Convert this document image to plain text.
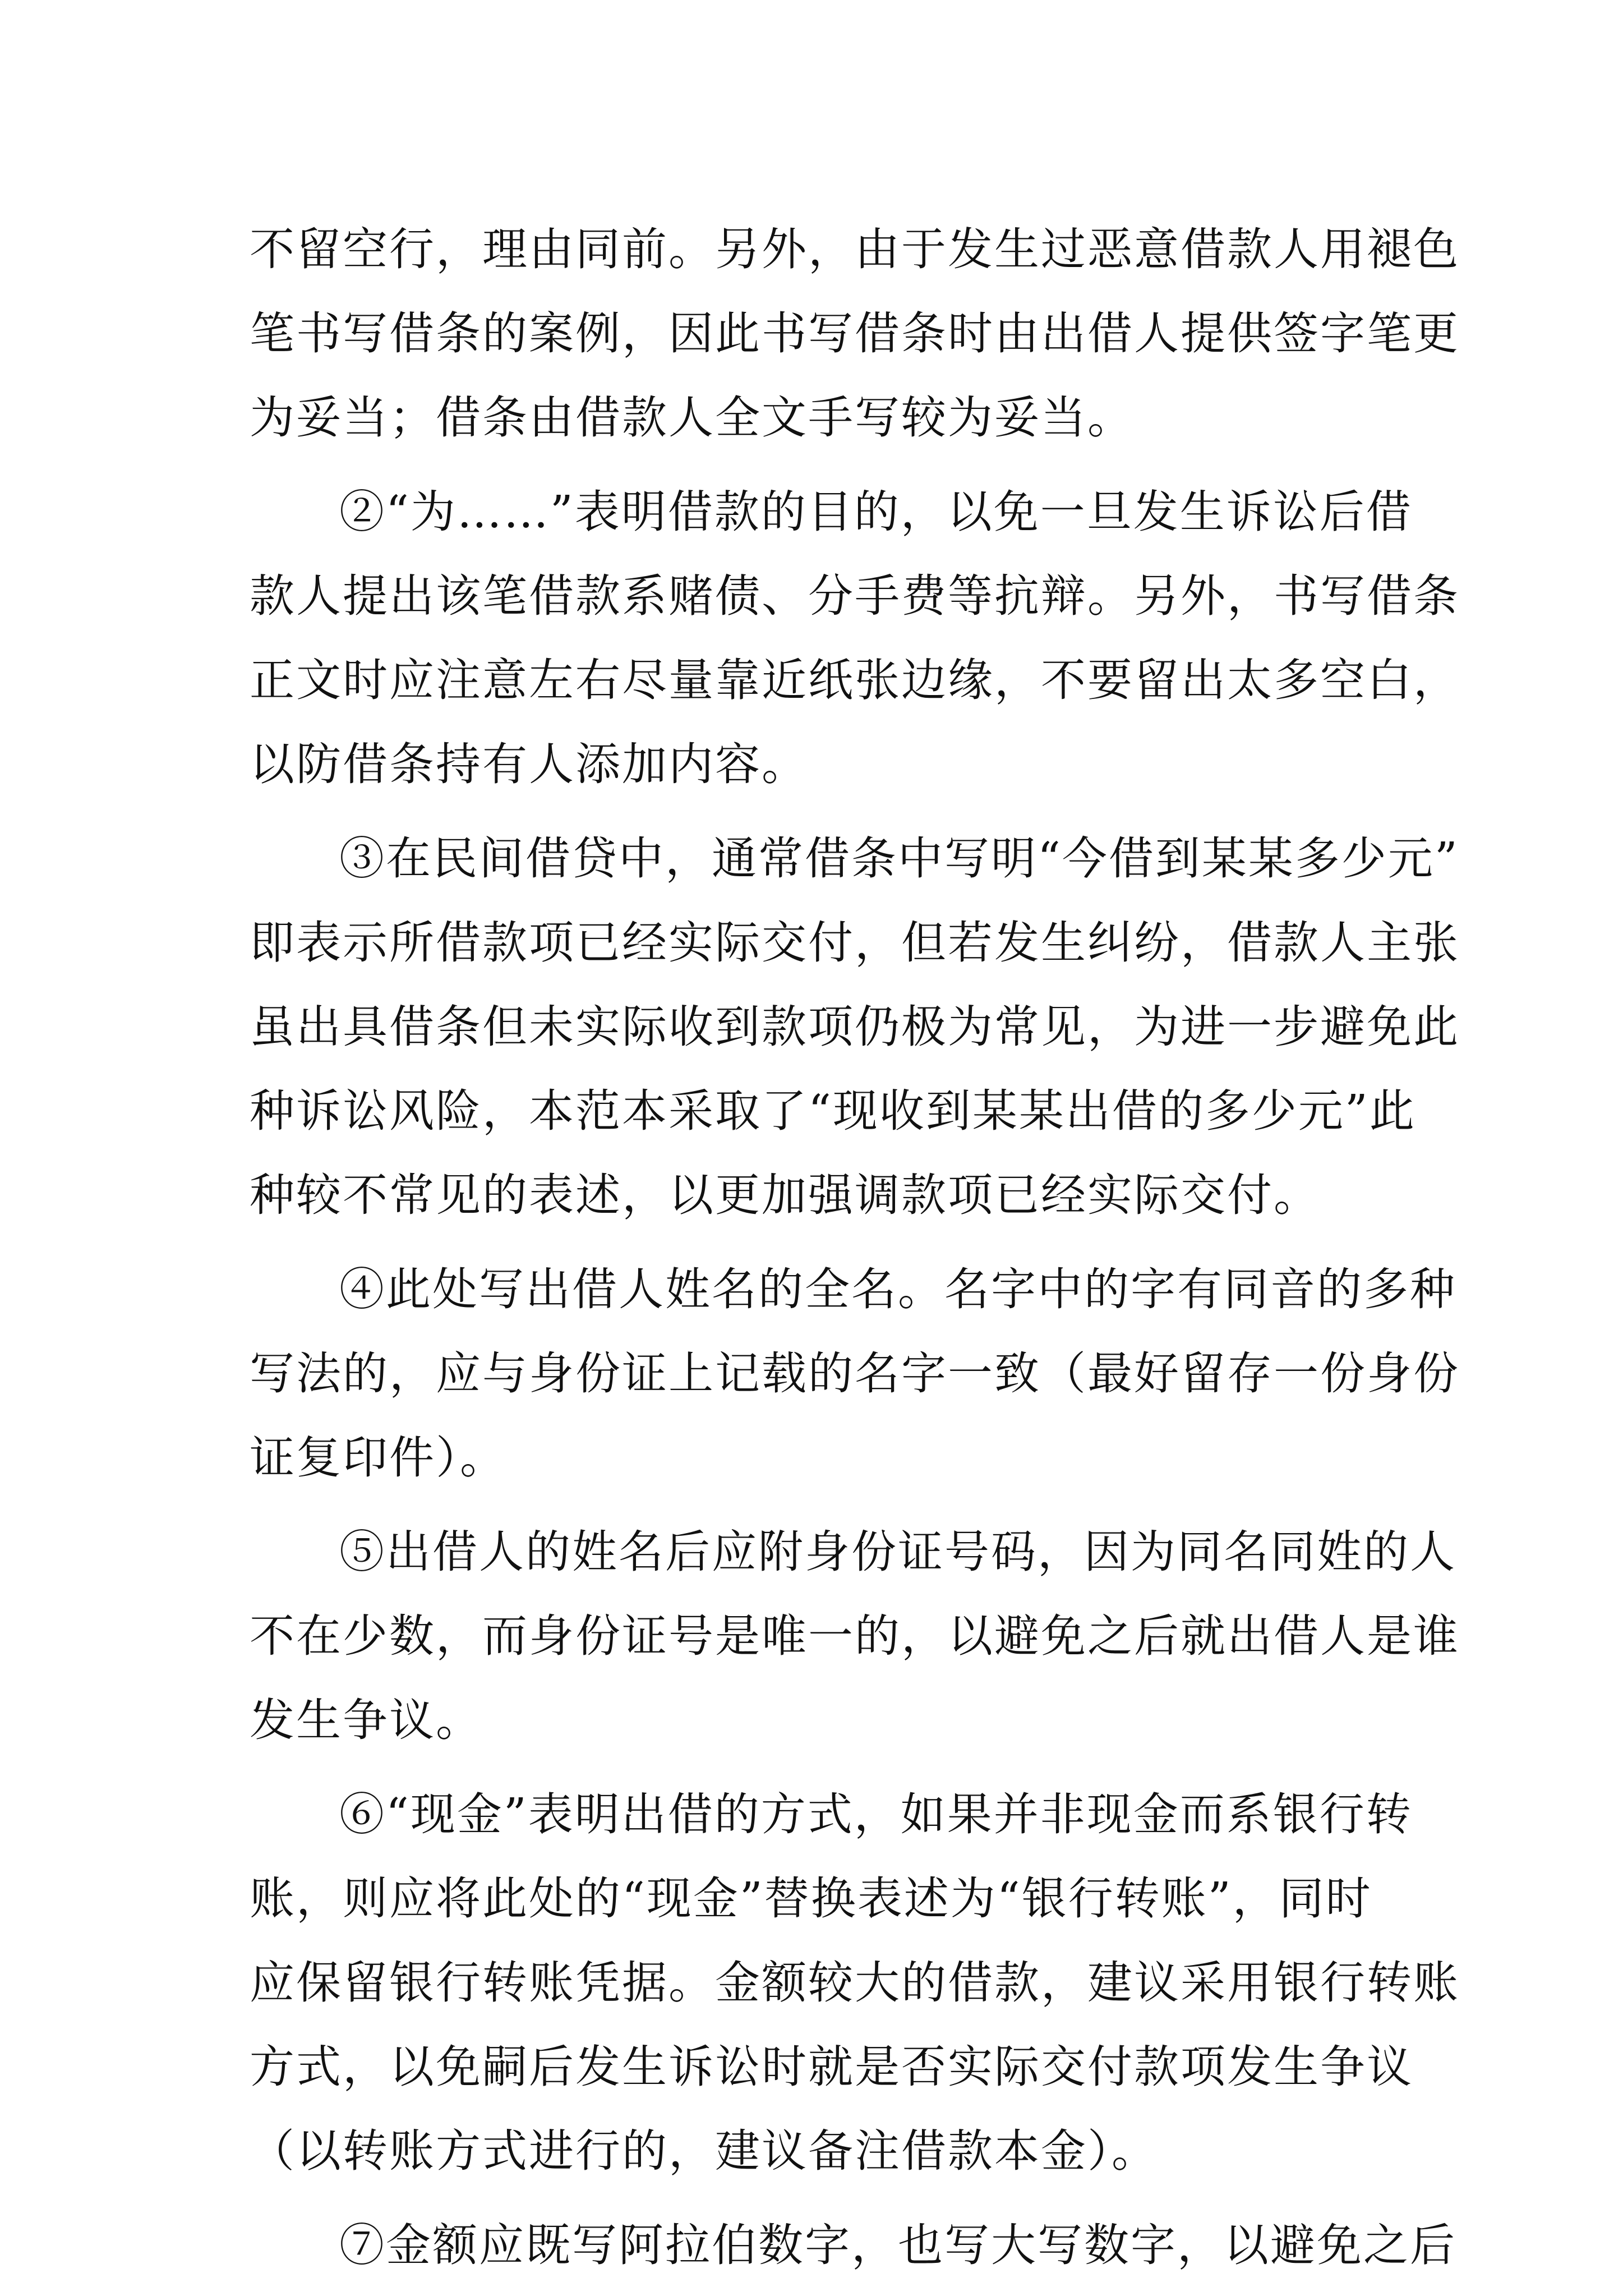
不留空行，理由同前。另外，由于发生过恶意借款人用褪色
笔书写借条的案例，因此书写借条时由出借人提供签字笔更
为妥当；借条由借款人全文手写较为妥当。
②“为……”表明借款的目的，以免一旦发生诉讼后借
款人提出该笔借款系赌债、分手费等抗辩。另外，书写借条
正文时应注意左右尽量靠近纸张边缘，不要留出太多空白，
以防借条持有人添加内容。
③在民间借贷中，通常借条中写明“今借到某某多少元”
即表示所借款项已经实际交付，但若发生纠纷，借款人主张
虽出具借条但未实际收到款项仍极为常见，为进一步避免此
种诉讼风险，本范本采取了“现收到某某出借的多少元”此
种较不常见的表述，以更加强调款项已经实际交付。
④此处写出借人姓名的全名。名字中的字有同音的多种
写法的，应与身份证上记载的名字一致（最好留存一份身份
证复印件）。
⑤出借人的姓名后应附身份证号码，因为同名同姓的人
不在少数，而身份证号是唯一的，以避免之后就出借人是谁
发生争议。
⑥“现金”表明出借的方式，如果并非现金而系银行转
账，则应将此处的“现金”替换表述为“银行转账”，同时
应保留银行转账凭据。金额较大的借款，建议采用银行转账
方式，以免嗣后发生诉讼时就是否实际交付款项发生争议
（以转账方式进行的，建议备注借款本金）。
⑦金额应既写阿拉伯数字，也写大写数字，以避免之后
